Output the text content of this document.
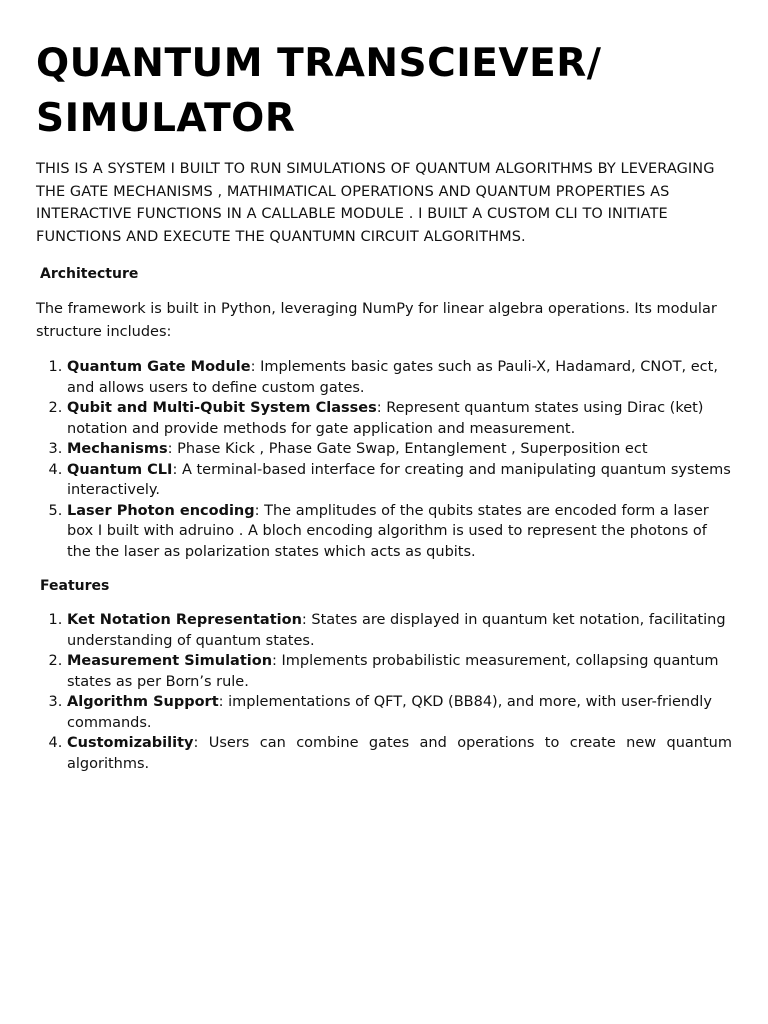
QUANTUM TRANSCIEVER/
SIMULATOR

THIS IS A SYSTEM I BUILT TO RUN SIMULATIONS OF QUANTUM ALGORITHMS BY LEVERAGING THE GATE MECHANISMS , MATHIMATICAL OPERATIONS AND QUANTUM PROPERTIES AS INTERACTIVE FUNCTIONS IN A CALLABLE MODULE . I BUILT A CUSTOM CLI TO INITIATE FUNCTIONS AND EXECUTE THE QUANTUMN CIRCUIT ALGORITHMS.

Architecture

The framework is built in Python, leveraging NumPy for linear algebra operations. Its modular structure includes:

1. Quantum Gate Module: Implements basic gates such as Pauli-X, Hadamard, CNOT, ect, and allows users to define custom gates.
2. Qubit and Multi-Qubit System Classes: Represent quantum states using Dirac (ket) notation and provide methods for gate application and measurement.
3. Mechanisms: Phase Kick , Phase Gate Swap, Entanglement , Superposition ect
4. Quantum CLI: A terminal-based interface for creating and manipulating quantum systems interactively.
5. Laser Photon encoding: The amplitudes of the qubits states are encoded form a laser box I built with adruino . A bloch encoding algorithm is used to represent the photons of the the laser as polarization states which acts as qubits.
Features
1. Ket Notation Representation: States are displayed in quantum ket notation, facilitating understanding of quantum states.
2. Measurement Simulation: Implements probabilistic measurement, collapsing quantum states as per Born’s rule.
3. Algorithm Support: implementations of QFT, QKD (BB84), and more, with user-friendly commands.
4. Customizability: Users can combine gates and operations to create new quantum algorithms.
